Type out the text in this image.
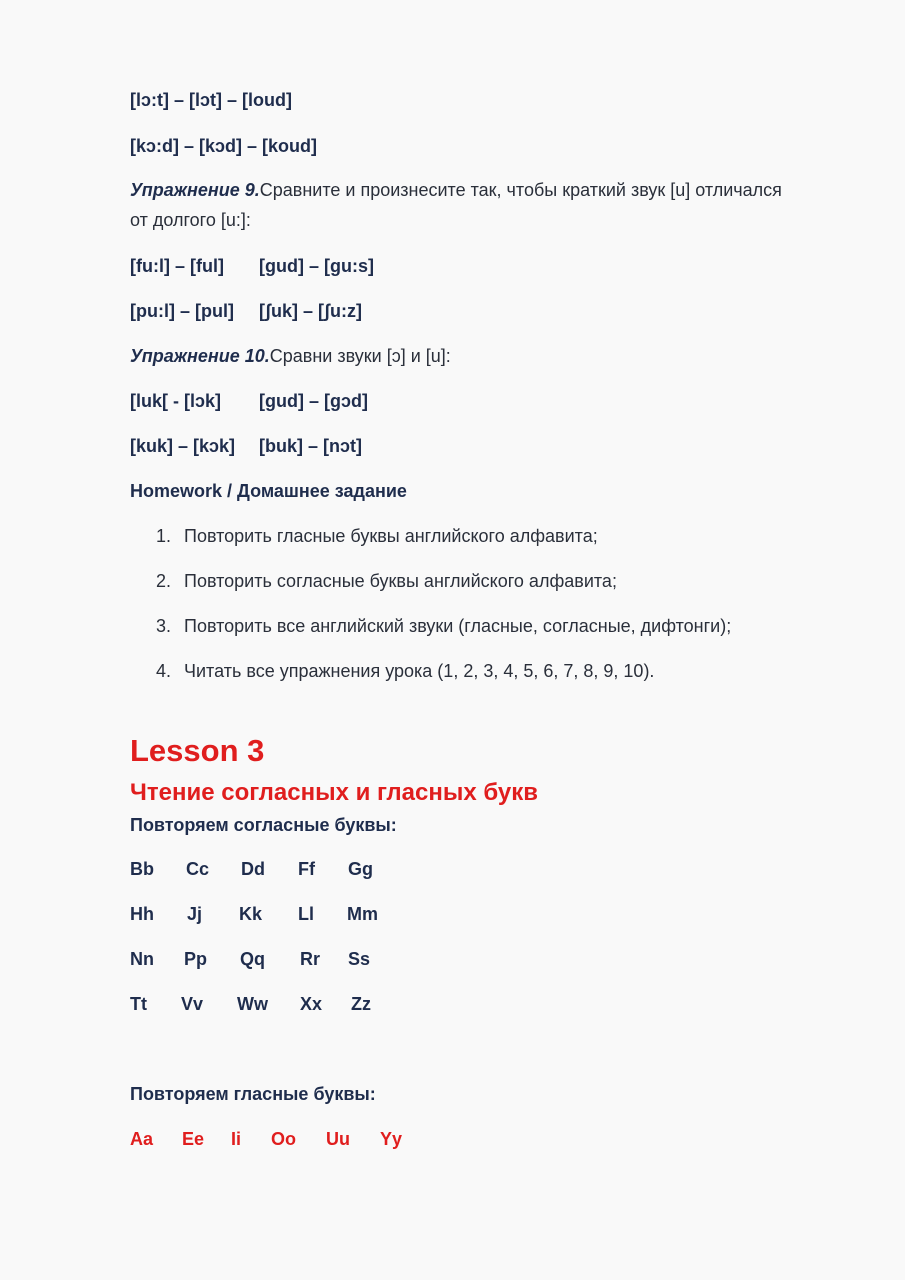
[lɔ:t] – [lɔt] – [loud]
[kɔ:d] – [kɔd] – [koud]
Упражнение 9.Сравните и произнесите так, чтобы краткий звук [u] отличался
от долгого [u:]:
[fu:l] – [ful] [gud] – [gu:s]
[pu:l] – [pul] [ʃuk] – [ʃu:z]
Упражнение 10.Сравни звуки [ɔ] и [u]:
[luk[ - [lɔk] [gud] – [gɔd]
[kuk] – [kɔk] [buk] – [nɔt]
Homework / Домашнее задание
1. Повторить гласные буквы английского алфавита;
2. Повторить согласные буквы английского алфавита;
3. Повторить все английский звуки (гласные, согласные, дифтонги);
4. Читать все упражнения урока (1, 2, 3, 4, 5, 6, 7, 8, 9, 10).
Lesson 3
Чтение согласных и гласных букв
Повторяем согласные буквы:
Bb Cc Dd Ff Gg
Hh Jj Kk Ll Mm
Nn Pp Qq Rr Ss
Tt Vv Ww Xx Zz
Повторяем гласные буквы:
Aa Ee Ii Oo Uu Yy
